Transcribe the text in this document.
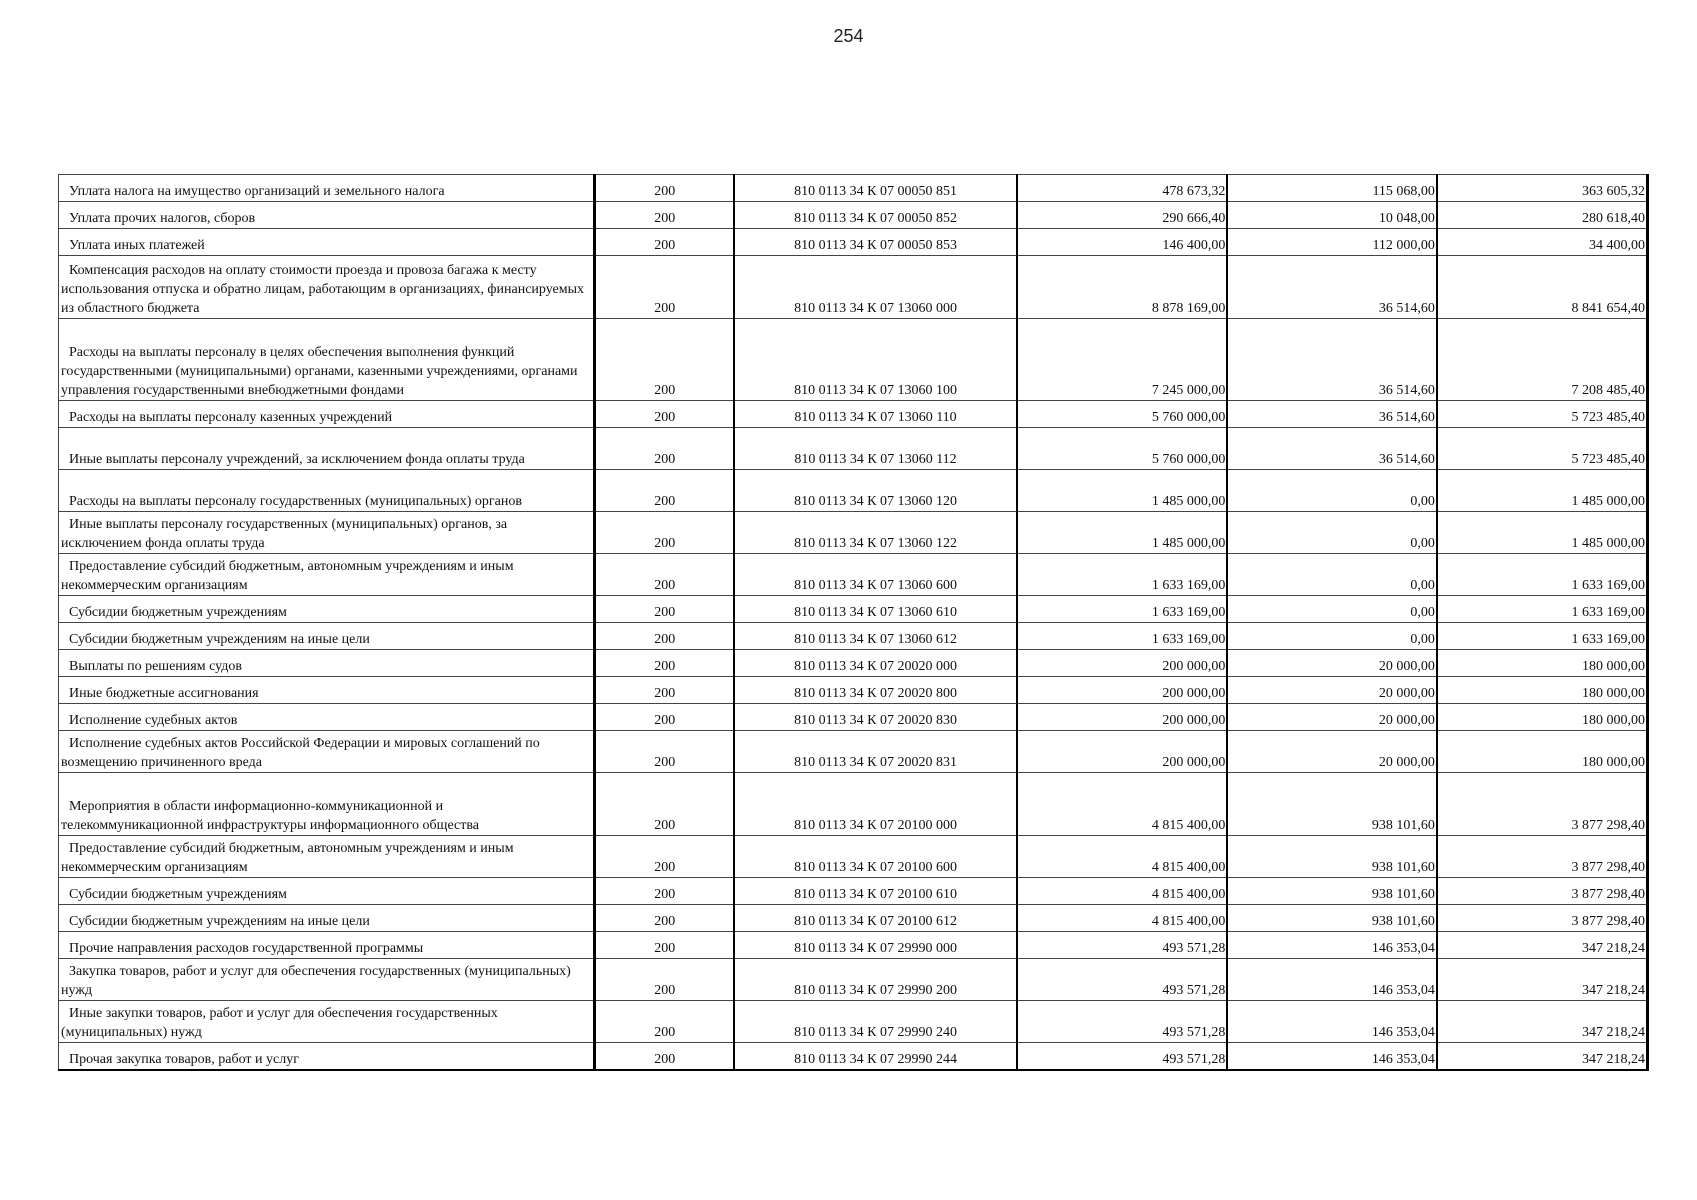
254
Уплата налога на имущество организаций и земельного налога	200	810 0113 34 К 07 00050 851	478 673,32	115 068,00	363 605,32

Уплата прочих налогов, сборов	200	810 0113 34 К 07 00050 852	290 666,40	10 048,00	280 618,40

Уплата иных платежей	200	810 0113 34 К 07 00050 853	146 400,00	112 000,00	34 400,00

Компенсация расходов на оплату стоимости проезда и провоза багажа к месту использования отпуска и обратно лицам, работающим в организациях, финансируемых из областного бюджета	200	810 0113 34 К 07 13060 000	8 878 169,00	36 514,60	8 841 654,40

Расходы на выплаты персоналу в целях обеспечения выполнения функций государственными (муниципальными) органами, казенными учреждениями, органами управления государственными внебюджетными фондами	200	810 0113 34 К 07 13060 100	7 245 000,00	36 514,60	7 208 485,40

Расходы на выплаты персоналу казенных учреждений	200	810 0113 34 К 07 13060 110	5 760 000,00	36 514,60	5 723 485,40

Иные выплаты персоналу учреждений, за исключением фонда оплаты труда	200	810 0113 34 К 07 13060 112	5 760 000,00	36 514,60	5 723 485,40

Расходы на выплаты персоналу государственных (муниципальных) органов	200	810 0113 34 К 07 13060 120	1 485 000,00	0,00	1 485 000,00

Иные выплаты персоналу государственных (муниципальных) органов, за исключением фонда оплаты труда	200	810 0113 34 К 07 13060 122	1 485 000,00	0,00	1 485 000,00

Предоставление субсидий бюджетным, автономным учреждениям и иным некоммерческим организациям	200	810 0113 34 К 07 13060 600	1 633 169,00	0,00	1 633 169,00

Субсидии бюджетным учреждениям	200	810 0113 34 К 07 13060 610	1 633 169,00	0,00	1 633 169,00

Субсидии бюджетным учреждениям на иные цели	200	810 0113 34 К 07 13060 612	1 633 169,00	0,00	1 633 169,00

Выплаты по решениям судов	200	810 0113 34 К 07 20020 000	200 000,00	20 000,00	180 000,00

Иные бюджетные ассигнования	200	810 0113 34 К 07 20020 800	200 000,00	20 000,00	180 000,00

Исполнение судебных актов	200	810 0113 34 К 07 20020 830	200 000,00	20 000,00	180 000,00

Исполнение судебных актов Российской Федерации и мировых соглашений по возмещению причиненного вреда	200	810 0113 34 К 07 20020 831	200 000,00	20 000,00	180 000,00

Мероприятия в области информационно-коммуникационной и телекоммуникационной инфраструктуры информационного общества	200	810 0113 34 К 07 20100 000	4 815 400,00	938 101,60	3 877 298,40

Предоставление субсидий бюджетным, автономным учреждениям и иным некоммерческим организациям	200	810 0113 34 К 07 20100 600	4 815 400,00	938 101,60	3 877 298,40

Субсидии бюджетным учреждениям	200	810 0113 34 К 07 20100 610	4 815 400,00	938 101,60	3 877 298,40

Субсидии бюджетным учреждениям на иные цели	200	810 0113 34 К 07 20100 612	4 815 400,00	938 101,60	3 877 298,40

Прочие направления расходов государственной программы	200	810 0113 34 К 07 29990 000	493 571,28	146 353,04	347 218,24

Закупка товаров, работ и услуг для обеспечения государственных (муниципальных) нужд	200	810 0113 34 К 07 29990 200	493 571,28	146 353,04	347 218,24

Иные закупки товаров, работ и услуг для обеспечения государственных (муниципальных) нужд	200	810 0113 34 К 07 29990 240	493 571,28	146 353,04	347 218,24

Прочая закупка товаров, работ и услуг	200	810 0113 34 К 07 29990 244	493 571,28	146 353,04	347 218,24
